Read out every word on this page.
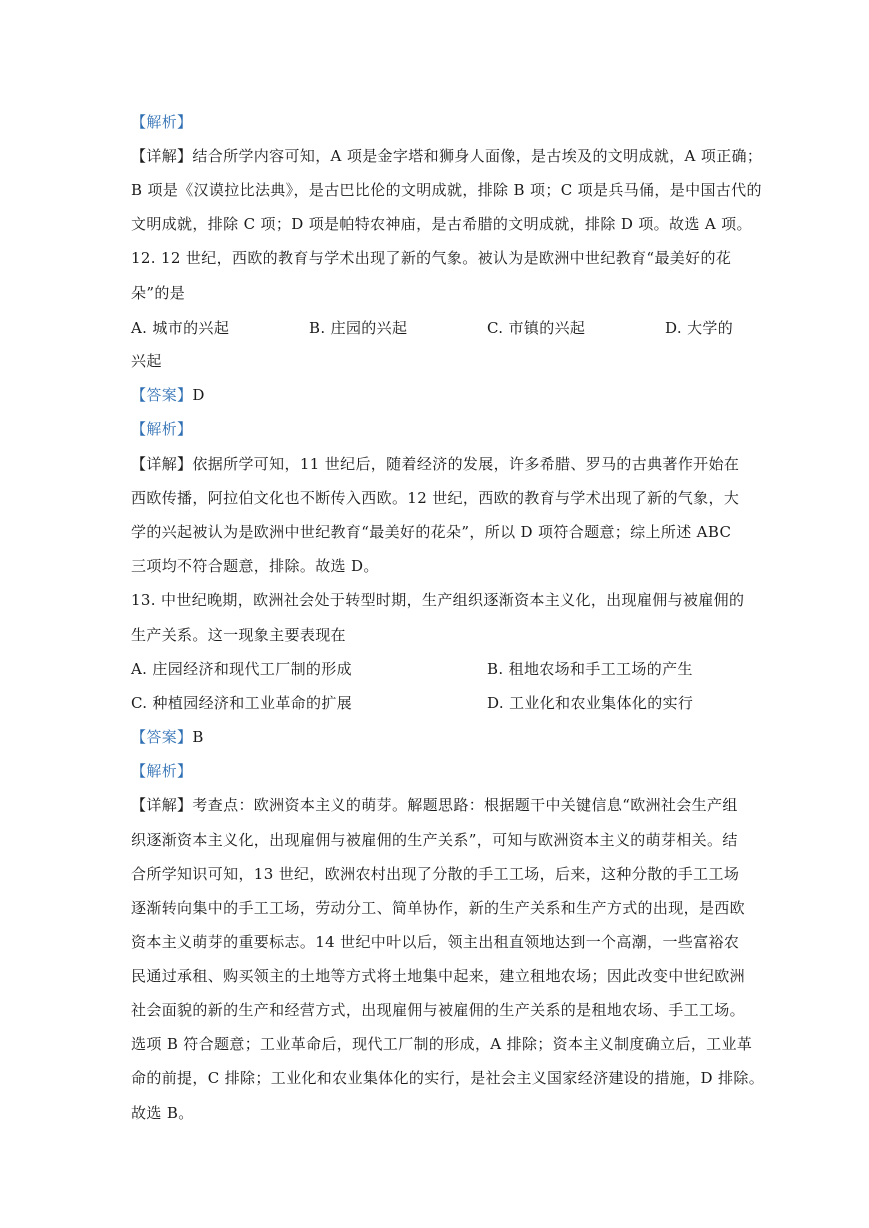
【解析】
【详解】结合所学内容可知，A 项是金字塔和狮身人面像，是古埃及的文明成就，A 项正确；
B 项是《汉谟拉比法典》，是古巴比伦的文明成就，排除 B 项；C 项是兵马俑，是中国古代的
文明成就，排除 C 项；D 项是帕特农神庙，是古希腊的文明成就，排除 D 项。故选 A 项。
12. 12 世纪，西欧的教育与学术出现了新的气象。被认为是欧洲中世纪教育“最美好的花
朵”的是
A. 城市的兴起	B. 庄园的兴起	C. 市镇的兴起	D. 大学的
兴起
【答案】D
【解析】
【详解】依据所学可知，11 世纪后，随着经济的发展，许多希腊、罗马的古典著作开始在
西欧传播，阿拉伯文化也不断传入西欧。12 世纪，西欧的教育与学术出现了新的气象，大
学的兴起被认为是欧洲中世纪教育“最美好的花朵”，所以 D 项符合题意；综上所述 ABC
三项均不符合题意，排除。故选 D。
13. 中世纪晚期，欧洲社会处于转型时期，生产组织逐渐资本主义化，出现雇佣与被雇佣的
生产关系。这一现象主要表现在
A. 庄园经济和现代工厂制的形成	B. 租地农场和手工工场的产生
C. 种植园经济和工业革命的扩展	D. 工业化和农业集体化的实行
【答案】B
【解析】
【详解】考查点：欧洲资本主义的萌芽。解题思路：根据题干中关键信息“欧洲社会生产组
织逐渐资本主义化，出现雇佣与被雇佣的生产关系”，可知与欧洲资本主义的萌芽相关。结
合所学知识可知，13 世纪，欧洲农村出现了分散的手工工场，后来，这种分散的手工工场
逐渐转向集中的手工工场，劳动分工、简单协作，新的生产关系和生产方式的出现，是西欧
资本主义萌芽的重要标志。14 世纪中叶以后，领主出租直领地达到一个高潮，一些富裕农
民通过承租、购买领主的土地等方式将土地集中起来，建立租地农场；因此改变中世纪欧洲
社会面貌的新的生产和经营方式，出现雇佣与被雇佣的生产关系的是租地农场、手工工场。
选项 B 符合题意；工业革命后，现代工厂制的形成，A 排除；资本主义制度确立后，工业革
命的前提，C 排除；工业化和农业集体化的实行，是社会主义国家经济建设的措施，D 排除。
故选 B。
